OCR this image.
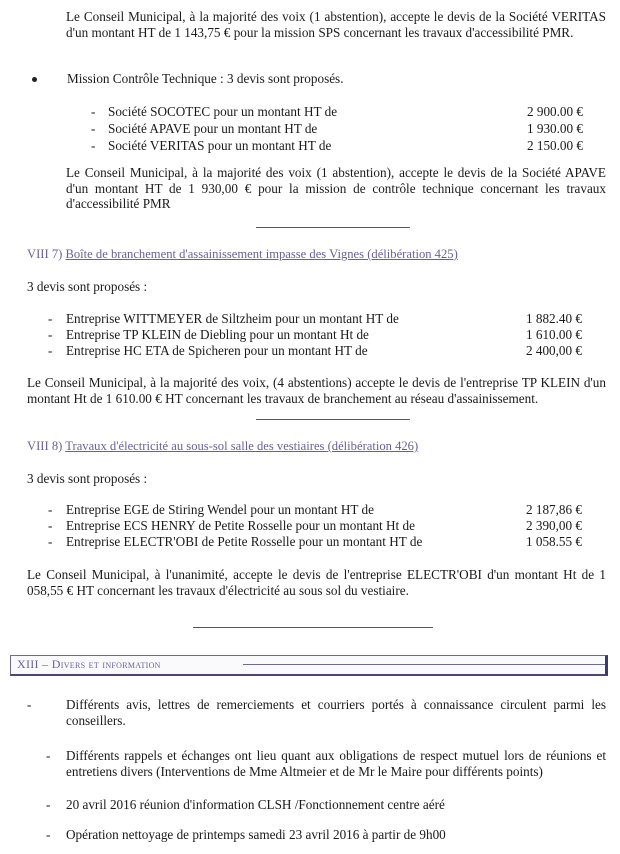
Le Conseil Municipal, à la majorité des voix (1 abstention), accepte le devis de la Société VERITAS d'un montant HT de 1 143,75 € pour la mission SPS concernant les travaux d'accessibilité PMR.
Mission Contrôle Technique : 3 devis sont proposés.
- Société SOCOTEC pour un montant HT de	2 900.00 €
- Société APAVE pour un montant HT de	1 930.00 €
- Société VERITAS pour un montant HT de	2 150.00 €
Le Conseil Municipal, à la majorité des voix (1 abstention), accepte le devis de la Société APAVE d'un montant HT de 1 930,00 € pour la mission de contrôle technique concernant les travaux d'accessibilité PMR
VIII 7) Boîte de branchement d'assainissement impasse des Vignes (délibération 425)
3 devis sont proposés :
- Entreprise WITTMEYER de Siltzheim pour un montant HT de	1 882.40 €
- Entreprise TP KLEIN de Diebling pour un montant Ht de	1 610.00 €
- Entreprise HC ETA de Spicheren pour un montant HT de	2 400,00 €
Le Conseil Municipal, à la majorité des voix, (4 abstentions) accepte le devis de l'entreprise TP KLEIN d'un montant Ht de 1 610.00 € HT concernant les travaux de branchement au réseau d'assainissement.
VIII 8) Travaux d'électricité au sous-sol salle des vestiaires (délibération 426)
3 devis sont proposés :
- Entreprise EGE de Stiring Wendel pour un montant HT de	2 187,86 €
- Entreprise ECS HENRY de Petite Rosselle pour un montant Ht de	2 390,00 €
- Entreprise ELECTR'OBI de Petite Rosselle pour un montant HT de	1 058.55 €
Le Conseil Municipal, à l'unanimité, accepte le devis de l'entreprise ELECTR'OBI d'un montant Ht de 1 058,55 € HT concernant les travaux d'électricité au sous sol du vestiaire.
XIII – Divers et information
-	Différents avis, lettres de remerciements et courriers portés à connaissance circulent parmi les conseillers.
- Différents rappels et échanges ont lieu quant aux obligations de respect mutuel lors de réunions et entretiens divers (Interventions de Mme Altmeier et de Mr le Maire pour différents points)
- 20 avril 2016 réunion d'information CLSH /Fonctionnement centre aéré
- Opération nettoyage de printemps samedi 23 avril 2016 à partir de 9h00
